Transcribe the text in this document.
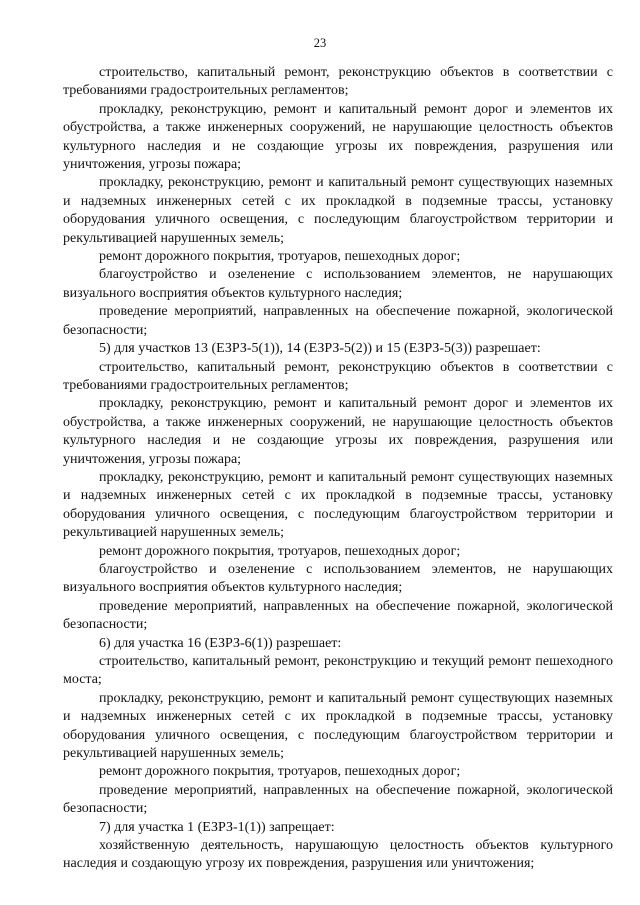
23

строительство, капитальный ремонт, реконструкцию объектов в соответствии с требованиями градостроительных регламентов;

прокладку, реконструкцию, ремонт и капитальный ремонт дорог и элементов их обустройства, а также инженерных сооружений, не нарушающие целостность объектов культурного наследия и не создающие угрозы их повреждения, разрушения или уничтожения, угрозы пожара;

прокладку, реконструкцию, ремонт и капитальный ремонт существующих наземных и надземных инженерных сетей с их прокладкой в подземные трассы, установку оборудования уличного освещения, с последующим благоустройством территории и рекультивацией нарушенных земель;

ремонт дорожного покрытия, тротуаров, пешеходных дорог;

благоустройство и озеленение с использованием элементов, не нарушающих визуального восприятия объектов культурного наследия;

проведение мероприятий, направленных на обеспечение пожарной, экологической безопасности;

5) для участков 13 (ЕЗРЗ-5(1)), 14 (ЕЗРЗ-5(2)) и 15 (ЕЗРЗ-5(3)) разрешает:

строительство, капитальный ремонт, реконструкцию объектов в соответствии с требованиями градостроительных регламентов;

прокладку, реконструкцию, ремонт и капитальный ремонт дорог и элементов их обустройства, а также инженерных сооружений, не нарушающие целостность объектов культурного наследия и не создающие угрозы их повреждения, разрушения или уничтожения, угрозы пожара;

прокладку, реконструкцию, ремонт и капитальный ремонт существующих наземных и надземных инженерных сетей с их прокладкой в подземные трассы, установку оборудования уличного освещения, с последующим благоустройством территории и рекультивацией нарушенных земель;

ремонт дорожного покрытия, тротуаров, пешеходных дорог;

благоустройство и озеленение с использованием элементов, не нарушающих визуального восприятия объектов культурного наследия;

проведение мероприятий, направленных на обеспечение пожарной, экологической безопасности;

6) для участка 16 (ЕЗРЗ-6(1)) разрешает:

строительство, капитальный ремонт, реконструкцию и текущий ремонт пешеходного моста;

прокладку, реконструкцию, ремонт и капитальный ремонт существующих наземных и надземных инженерных сетей с их прокладкой в подземные трассы, установку оборудования уличного освещения, с последующим благоустройством территории и рекультивацией нарушенных земель;

ремонт дорожного покрытия, тротуаров, пешеходных дорог;

проведение мероприятий, направленных на обеспечение пожарной, экологической безопасности;

7) для участка 1 (ЕЗРЗ-1(1)) запрещает:

хозяйственную деятельность, нарушающую целостность объектов культурного наследия и создающую угрозу их повреждения, разрушения или уничтожения;
